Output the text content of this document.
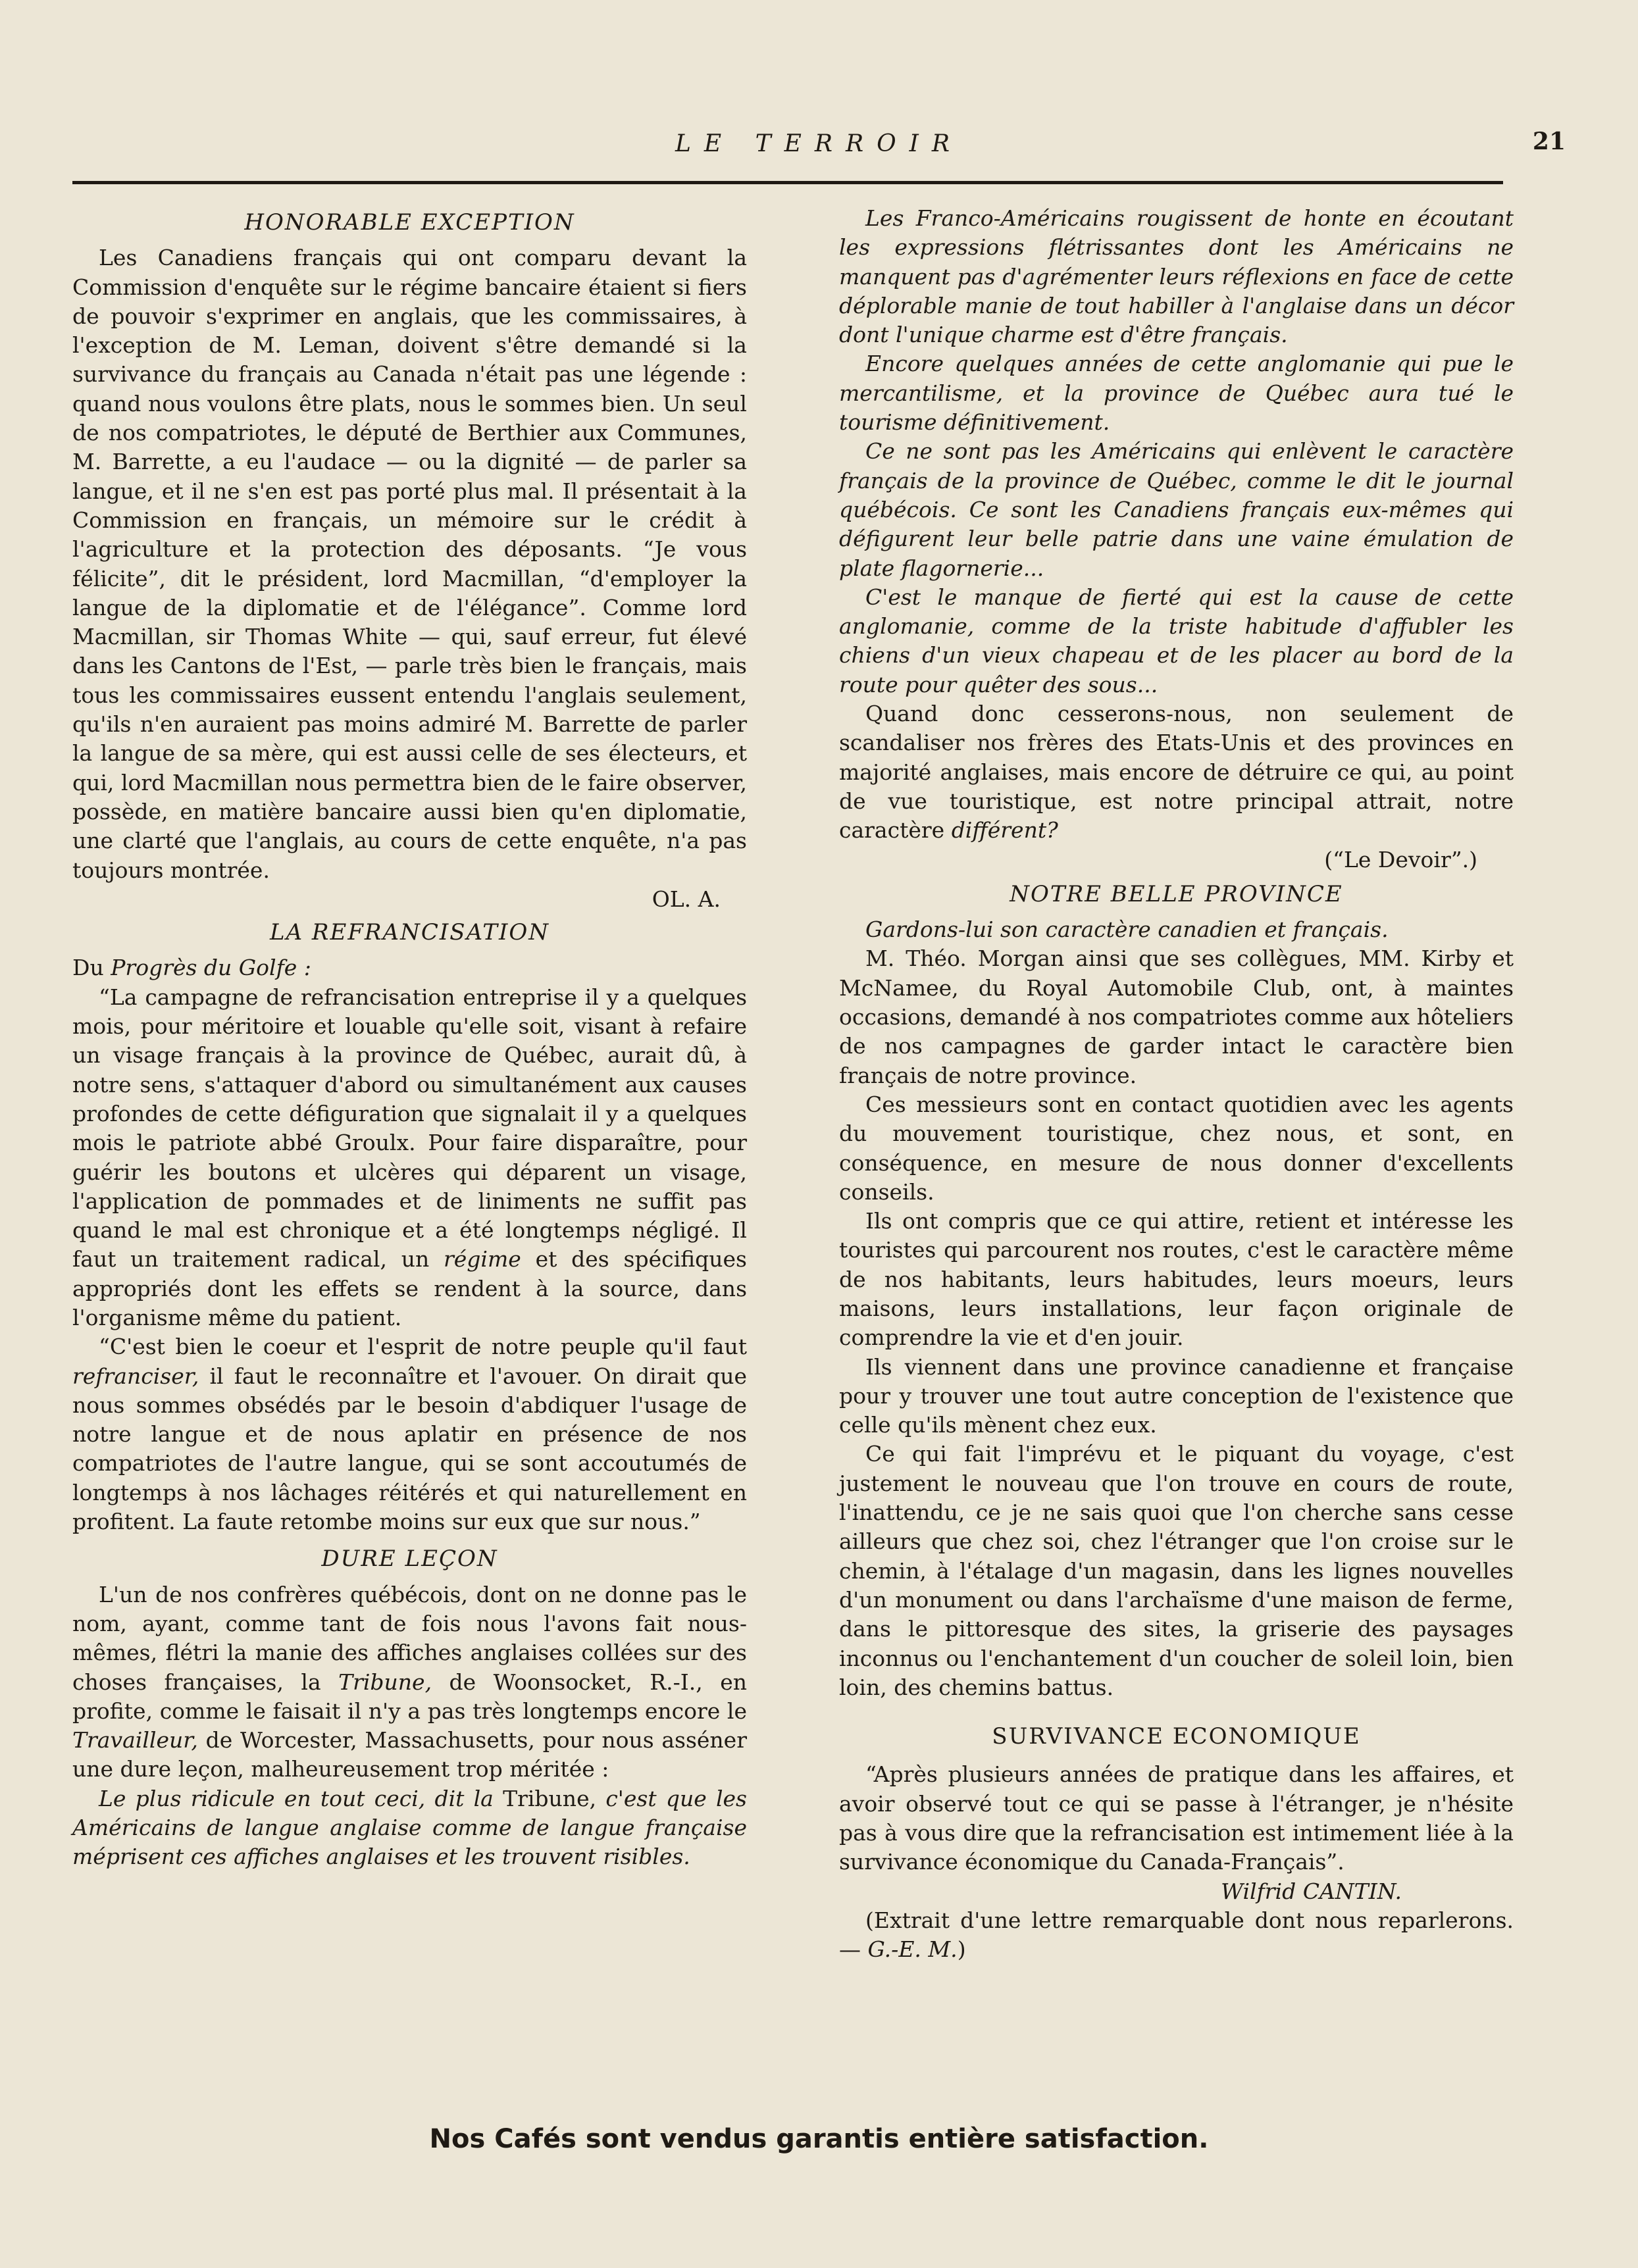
LE TERROIR	21
HONORABLE EXCEPTION

Les Canadiens français qui ont comparu devant la Commission d'enquête sur le régime bancaire étaient si fiers de pouvoir s'exprimer en anglais, que les commissaires, à l'exception de M. Leman, doivent s'être demandé si la survivance du français au Canada n'était pas une légende : quand nous voulons être plats, nous le sommes bien. Un seul de nos compatriotes, le député de Berthier aux Communes, M. Barrette, a eu l'audace — ou la dignité — de parler sa langue, et il ne s'en est pas porté plus mal. Il présentait à la Commission en français, un mémoire sur le crédit à l'agriculture et la protection des déposants. “Je vous félicite”, dit le président, lord Macmillan, “d'employer la langue de la diplomatie et de l'élégance”. Comme lord Macmillan, sir Thomas White — qui, sauf erreur, fut élevé dans les Cantons de l'Est, — parle très bien le français, mais tous les commissaires eussent entendu l'anglais seulement, qu'ils n'en auraient pas moins admiré M. Barrette de parler la langue de sa mère, qui est aussi celle de ses électeurs, et qui, lord Macmillan nous permettra bien de le faire observer, possède, en matière bancaire aussi bien qu'en diplomatie, une clarté que l'anglais, au cours de cette enquête, n'a pas toujours montrée.

OL. A.

LA REFRANCISATION

Du Progrès du Golfe :

“La campagne de refrancisation entreprise il y a quelques mois, pour méritoire et louable qu'elle soit, visant à refaire un visage français à la province de Québec, aurait dû, à notre sens, s'attaquer d'abord ou simultanément aux causes profondes de cette défiguration que signalait il y a quelques mois le patriote abbé Groulx. Pour faire disparaître, pour guérir les boutons et ulcères qui déparent un visage, l'application de pommades et de liniments ne suffit pas quand le mal est chronique et a été longtemps négligé. Il faut un traitement radical, un régime et des spécifiques appropriés dont les effets se rendent à la source, dans l'organisme même du patient.

“C'est bien le coeur et l'esprit de notre peuple qu'il faut refranciser, il faut le reconnaître et l'avouer. On dirait que nous sommes obsédés par le besoin d'abdiquer l'usage de notre langue et de nous aplatir en présence de nos compatriotes de l'autre langue, qui se sont accoutumés de longtemps à nos lâchages réitérés et qui naturellement en profitent. La faute retombe moins sur eux que sur nous.”

DURE LEÇON

L'un de nos confrères québécois, dont on ne donne pas le nom, ayant, comme tant de fois nous l'avons fait nous-mêmes, flétri la manie des affiches anglaises collées sur des choses françaises, la Tribune, de Woonsocket, R.-I., en profite, comme le faisait il n'y a pas très longtemps encore le Travailleur, de Worcester, Massachusetts, pour nous asséner une dure leçon, malheureusement trop méritée :

Le plus ridicule en tout ceci, dit la Tribune, c'est que les Américains de langue anglaise comme de langue française méprisent ces affiches anglaises et les trouvent risibles.

Les Franco-Américains rougissent de honte en écoutant les expressions flétrissantes dont les Américains ne manquent pas d'agrémenter leurs réflexions en face de cette déplorable manie de tout habiller à l'anglaise dans un décor dont l'unique charme est d'être français.

Encore quelques années de cette anglomanie qui pue le mercantilisme, et la province de Québec aura tué le tourisme définitivement.

Ce ne sont pas les Américains qui enlèvent le caractère français de la province de Québec, comme le dit le journal québécois. Ce sont les Canadiens français eux-mêmes qui défigurent leur belle patrie dans une vaine émulation de plate flagornerie...

C'est le manque de fierté qui est la cause de cette anglomanie, comme de la triste habitude d'affubler les chiens d'un vieux chapeau et de les placer au bord de la route pour quêter des sous...

Quand donc cesserons-nous, non seulement de scandaliser nos frères des Etats-Unis et des provinces en majorité anglaises, mais encore de détruire ce qui, au point de vue touristique, est notre principal attrait, notre caractère différent?

(“Le Devoir”.)

NOTRE BELLE PROVINCE

Gardons-lui son caractère canadien et français.

M. Théo. Morgan ainsi que ses collègues, MM. Kirby et McNamee, du Royal Automobile Club, ont, à maintes occasions, demandé à nos compatriotes comme aux hôteliers de nos campagnes de garder intact le caractère bien français de notre province.

Ces messieurs sont en contact quotidien avec les agents du mouvement touristique, chez nous, et sont, en conséquence, en mesure de nous donner d'excellents conseils.

Ils ont compris que ce qui attire, retient et intéresse les touristes qui parcourent nos routes, c'est le caractère même de nos habitants, leurs habitudes, leurs moeurs, leurs maisons, leurs installations, leur façon originale de comprendre la vie et d'en jouir.

Ils viennent dans une province canadienne et française pour y trouver une tout autre conception de l'existence que celle qu'ils mènent chez eux.

Ce qui fait l'imprévu et le piquant du voyage, c'est justement le nouveau que l'on trouve en cours de route, l'inattendu, ce je ne sais quoi que l'on cherche sans cesse ailleurs que chez soi, chez l'étranger que l'on croise sur le chemin, à l'étalage d'un magasin, dans les lignes nouvelles d'un monument ou dans l'archaïsme d'une maison de ferme, dans le pittoresque des sites, la griserie des paysages inconnus ou l'enchantement d'un coucher de soleil loin, bien loin, des chemins battus.

SURVIVANCE ECONOMIQUE

“Après plusieurs années de pratique dans les affaires, et avoir observé tout ce qui se passe à l'étranger, je n'hésite pas à vous dire que la refrancisation est intimement liée à la survivance économique du Canada-Français”.

Wilfrid CANTIN.

(Extrait d'une lettre remarquable dont nous reparlerons. — G.-E. M.)

Nos Cafés sont vendus garantis entière satisfaction.
